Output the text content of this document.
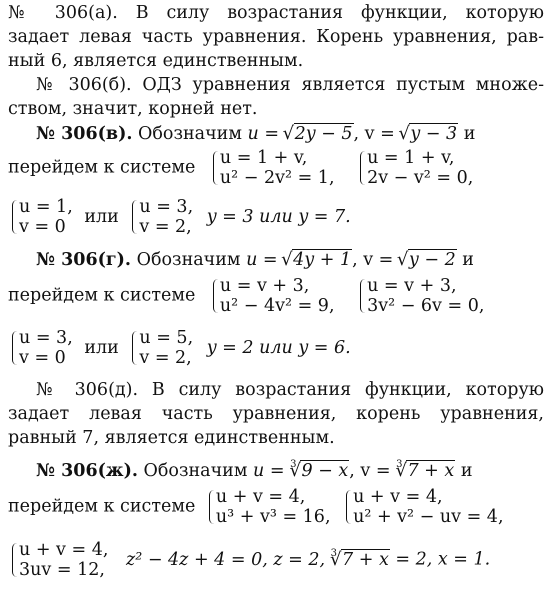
№ 306(а). В силу возрастания функции, которую
задает левая часть уравнения. Корень уравнения, рав-
ный 6, является единственным.
№ 306(б). ОДЗ уравнения является пустым множе-
ством, значит, корней нет.
№ 306(в). Обозначим u = √ 2y − 5, v = √ y − 3 и
перейдем к системе u = 1 + v,
u² − 2v² = 1,

u = 1 + v,
2v − v² = 0,
u = 1,
v = 0
или u = 3,
v = 2,
y = 3 или y = 7.
№ 306(г). Обозначим u = √ 4y + 1, v = √ y − 2 и
перейдем к системе u = v + 3,
u² − 4v² = 9,

u = v + 3,
3v² − 6v = 0,
u = 3,
v = 0
или u = 5,
v = 2,
y = 2 или y = 6.
№ 306(д). В силу возрастания функции, которую
задает левая часть уравнения, корень уравнения,
равный 7, является единственным.
№ 306(ж). Обозначим u = $^3$ √ 9 − x, v = $^3$ √ 7 + x и
перейдем к системе u + v = 4,
u³ + v³ = 16,

u + v = 4,
u² + v² − uv = 4,
u + v = 4,
3uv = 12,
z² − 4z + 4 = 0, z = 2, $^3$ √ 7 + x = 2, x = 1.
